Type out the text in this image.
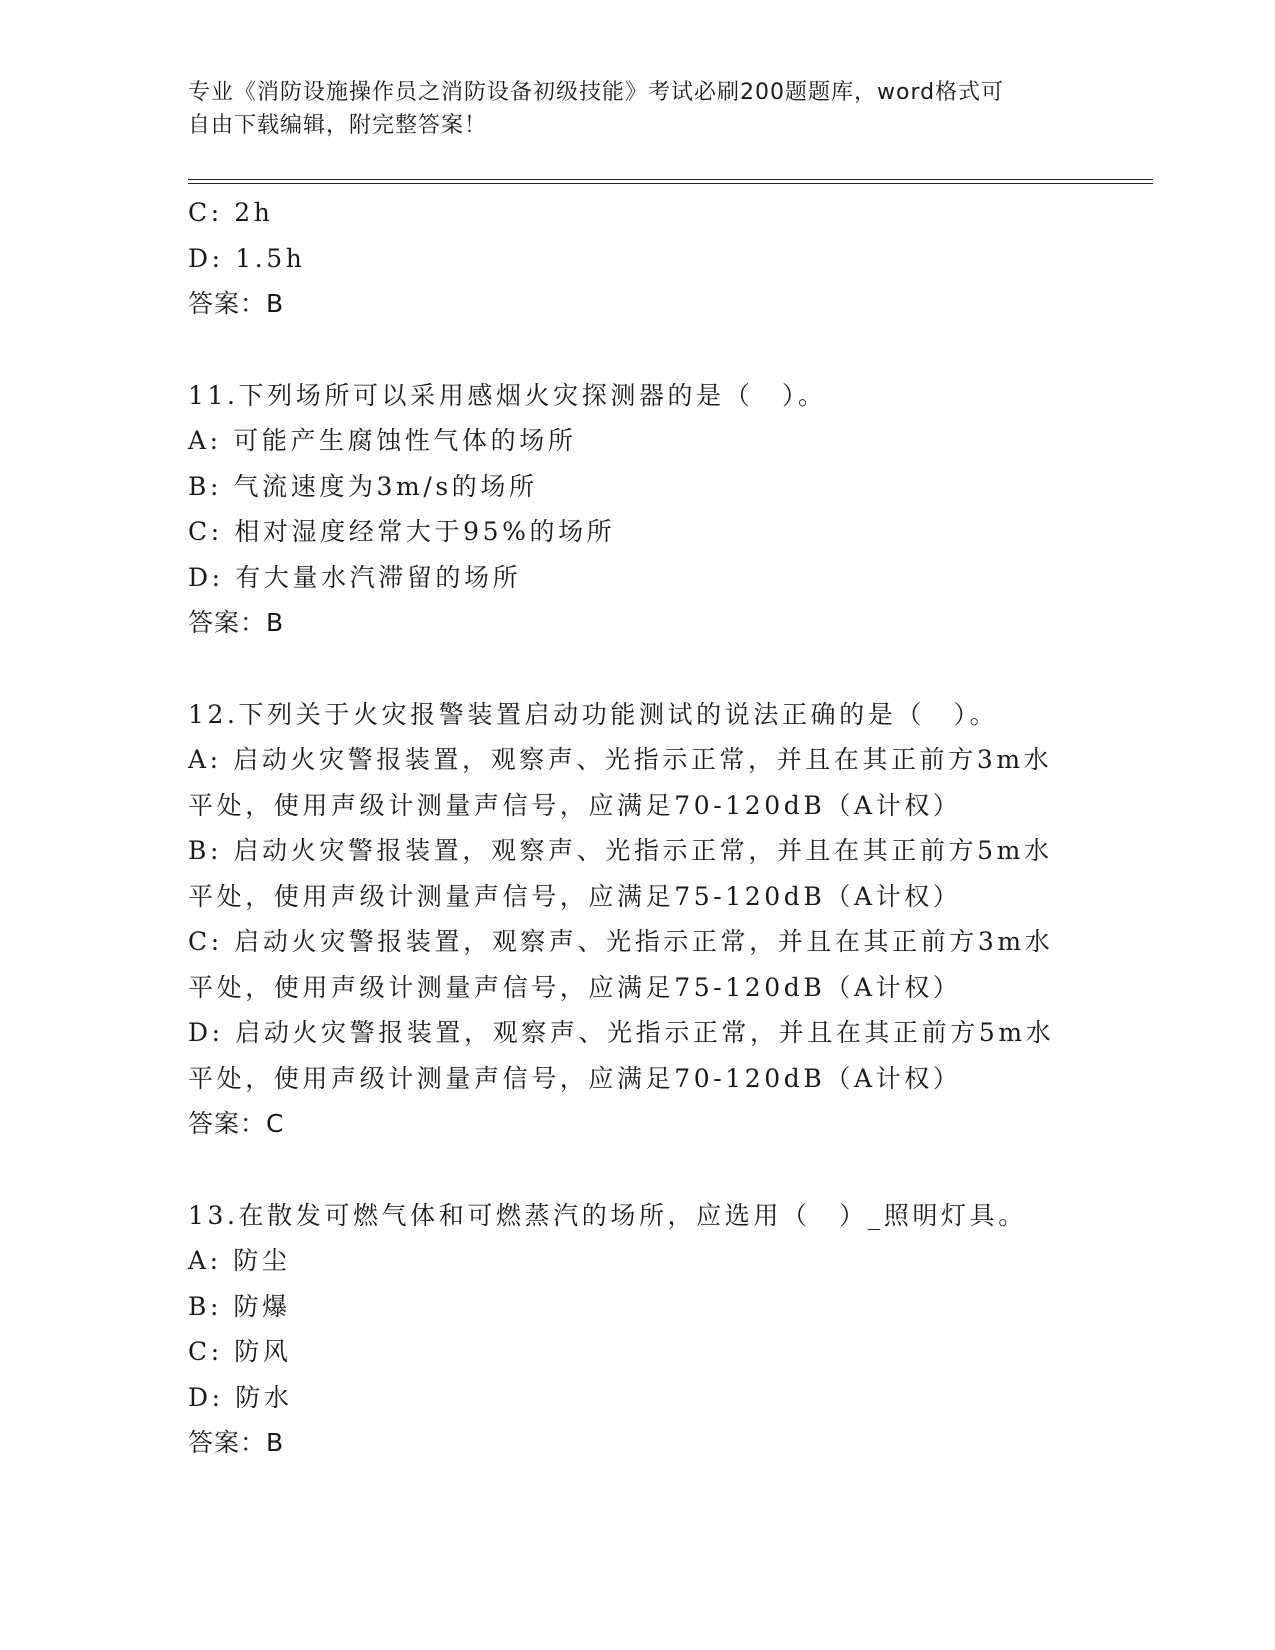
专业《消防设施操作员之消防设备初级技能》考试必刷200题题库，word格式可
自由下载编辑，附完整答案！
C: 2h
D: 1.5h
答案：B
11.下列场所可以采用感烟火灾探测器的是（　）。
A: 可能产生腐蚀性气体的场所
B: 气流速度为3m/s的场所
C: 相对湿度经常大于95%的场所
D: 有大量水汽滞留的场所
答案：B
12.下列关于火灾报警装置启动功能测试的说法正确的是（　）。
A: 启动火灾警报装置，观察声、光指示正常，并且在其正前方3m水
平处，使用声级计测量声信号，应满足70-120dB（A计权）
B: 启动火灾警报装置，观察声、光指示正常，并且在其正前方5m水
平处，使用声级计测量声信号，应满足75-120dB（A计权）
C: 启动火灾警报装置，观察声、光指示正常，并且在其正前方3m水
平处，使用声级计测量声信号，应满足75-120dB（A计权）
D: 启动火灾警报装置，观察声、光指示正常，并且在其正前方5m水
平处，使用声级计测量声信号，应满足70-120dB（A计权）
答案：C
13.在散发可燃气体和可燃蒸汽的场所，应选用（　）_照明灯具。
A: 防尘
B: 防爆
C: 防风
D: 防水
答案：B
